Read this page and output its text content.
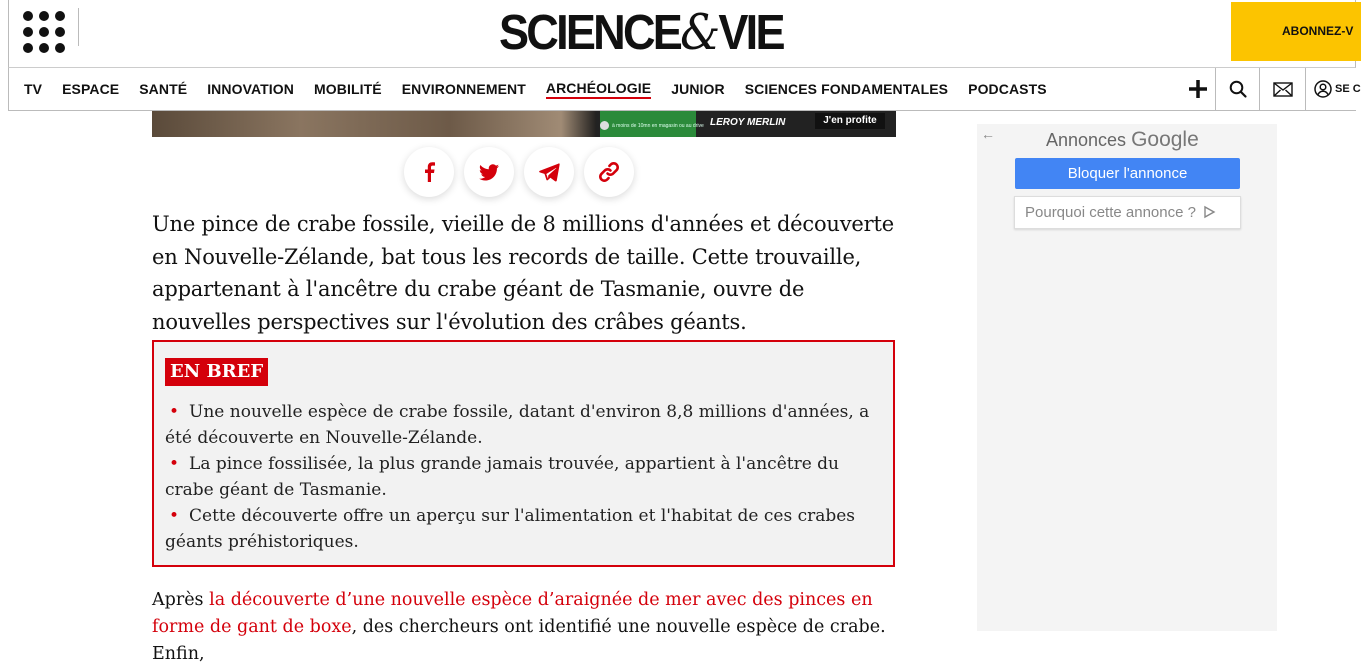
SCIENCE&VIE	ABONNEZ-V
TV ESPACE SANTÉ INNOVATION MOBILITÉ ENVIRONNEMENT ARCHÉOLOGIE JUNIOR SCIENCES FONDAMENTALES PODCASTS	SE C
à moins de 10mn en magasin ou au drive LEROY MERLIN	J'en profite

Une pince de crabe fossile, vieille de 8 millions d'années et découverte en Nouvelle-Zélande, bat tous les records de taille. Cette trouvaille, appartenant à l'ancêtre du crabe géant de Tasmanie, ouvre de nouvelles perspectives sur l'évolution des crâbes géants.

EN BREF
• Une nouvelle espèce de crabe fossile, datant d'environ 8,8 millions d'années, a été découverte en Nouvelle-Zélande.
• La pince fossilisée, la plus grande jamais trouvée, appartient à l'ancêtre du crabe géant de Tasmanie.
• Cette découverte offre un aperçu sur l'alimentation et l'habitat de ces crabes géants préhistoriques.

Après la découverte d’une nouvelle espèce d’araignée de mer avec des pinces en forme de gant de boxe, des chercheurs ont identifié une nouvelle espèce de crabe. Enfin,

←	Annonces Google
Bloquer l'annonce
Pourquoi cette annonce ?
